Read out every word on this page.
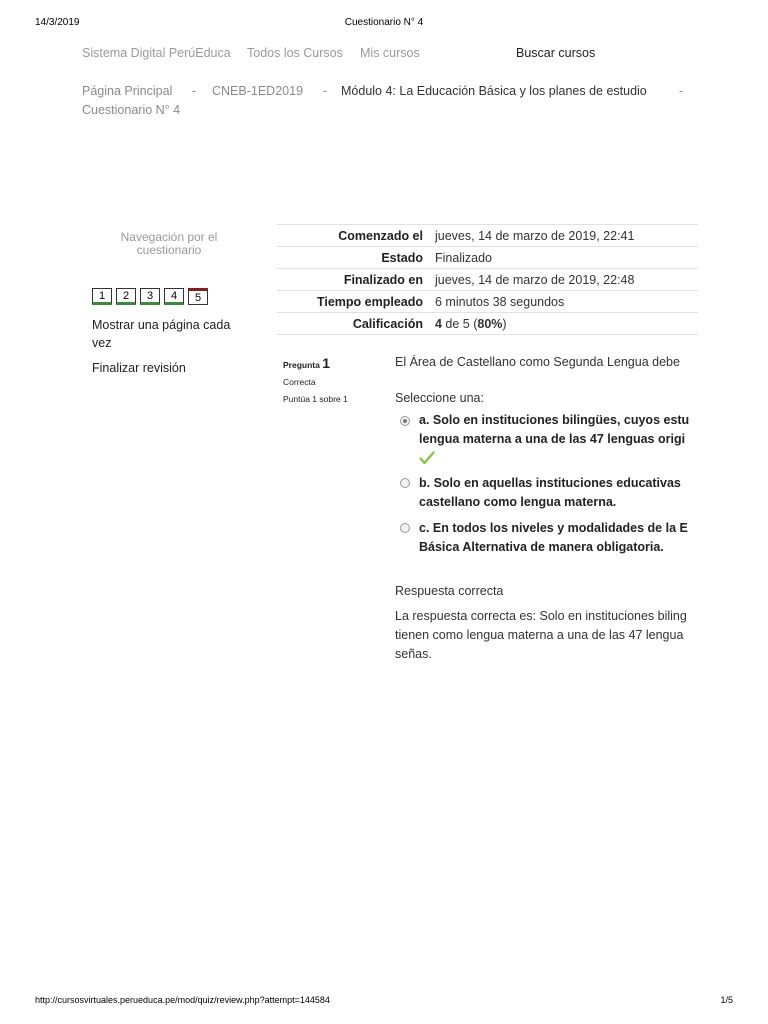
14/3/2019	Cuestionario N° 4
Sistema Digital PerúEduca Todos los Cursos Mis cursos	Buscar cursos
Página Principal - CNEB-1ED2019 - Módulo 4: La Educación Básica y los planes de estudio	-
Cuestionario N° 4
Navegación por el cuestionario
1	2	3	4	5
Mostrar una página cada vez
Finalizar revisión
Comenzado el	jueves, 14 de marzo de 2019, 22:41
Estado	Finalizado
Finalizado en	jueves, 14 de marzo de 2019, 22:48
Tiempo empleado	6 minutos 38 segundos
Calificación	4 de 5 (80%)
Pregunta 1
Correcta
Puntúa 1 sobre 1
El Área de Castellano como Segunda Lengua debe
Seleccione una:
a. Solo en instituciones bilingües, cuyos estu
lengua materna a una de las 47 lenguas origi
b. Solo en aquellas instituciones educativas
castellano como lengua materna.
c. En todos los niveles y modalidades de la E
Básica Alternativa de manera obligatoria.
Respuesta correcta
La respuesta correcta es: Solo en instituciones biling
tienen como lengua materna a una de las 47 lengua
señas.
http://cursosvirtuales.perueduca.pe/mod/quiz/review.php?attempt=144584	1/5
